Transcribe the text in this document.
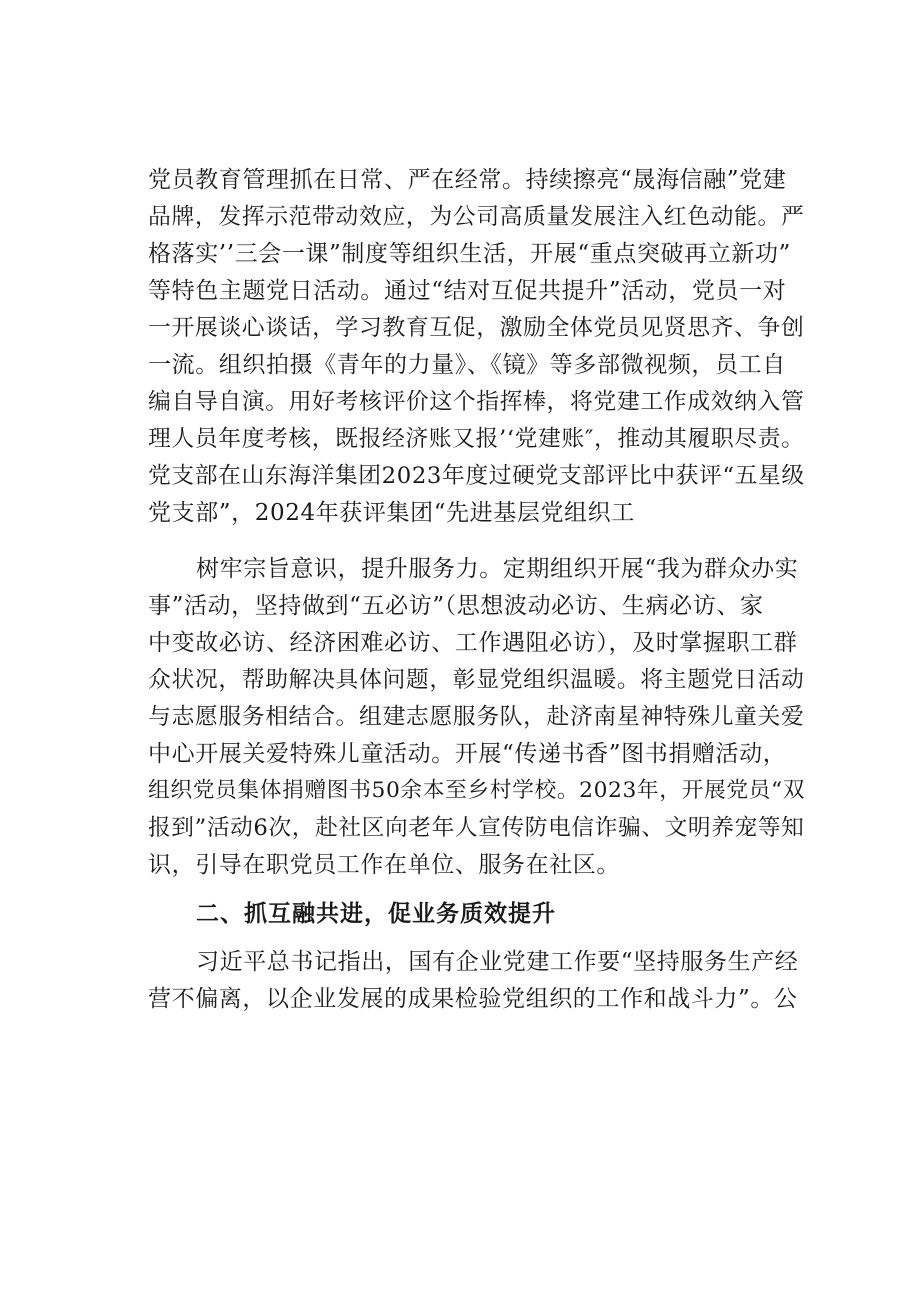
党员教育管理抓在日常、严在经常。持续擦亮“晟海信融”党建
品牌，发挥示范带动效应，为公司高质量发展注入红色动能。严
格落实’’三会一课”制度等组织生活，开展“重点突破再立新功”
等特色主题党日活动。通过“结对互促共提升”活动，党员一对
一开展谈心谈话，学习教育互促，激励全体党员见贤思齐、争创
一流。组织拍摄《青年的力量》、《镜》等多部微视频，员工自
编自导自演。用好考核评价这个指挥棒，将党建工作成效纳入管
理人员年度考核，既报经济账又报’‘党建账″，推动其履职尽责。
党支部在山东海洋集团2023年度过硬党支部评比中获评“五星级
党支部”，2024年获评集团“先进基层党组织工
树牢宗旨意识，提升服务力。定期组织开展“我为群众办实
事”活动，坚持做到“五必访”（思想波动必访、生病必访、家
中变故必访、经济困难必访、工作遇阻必访），及时掌握职工群
众状况，帮助解决具体问题，彰显党组织温暖。将主题党日活动
与志愿服务相结合。组建志愿服务队，赴济南星神特殊儿童关爱
中心开展关爱特殊儿童活动。开展“传递书香”图书捐赠活动，
组织党员集体捐赠图书50余本至乡村学校。2023年，开展党员“双
报到”活动6次，赴社区向老年人宣传防电信诈骗、文明养宠等知
识，引导在职党员工作在单位、服务在社区。
二、抓互融共进，促业务质效提升
习近平总书记指出，国有企业党建工作要“坚持服务生产经
营不偏离，以企业发展的成果检验党组织的工作和战斗力”。公
